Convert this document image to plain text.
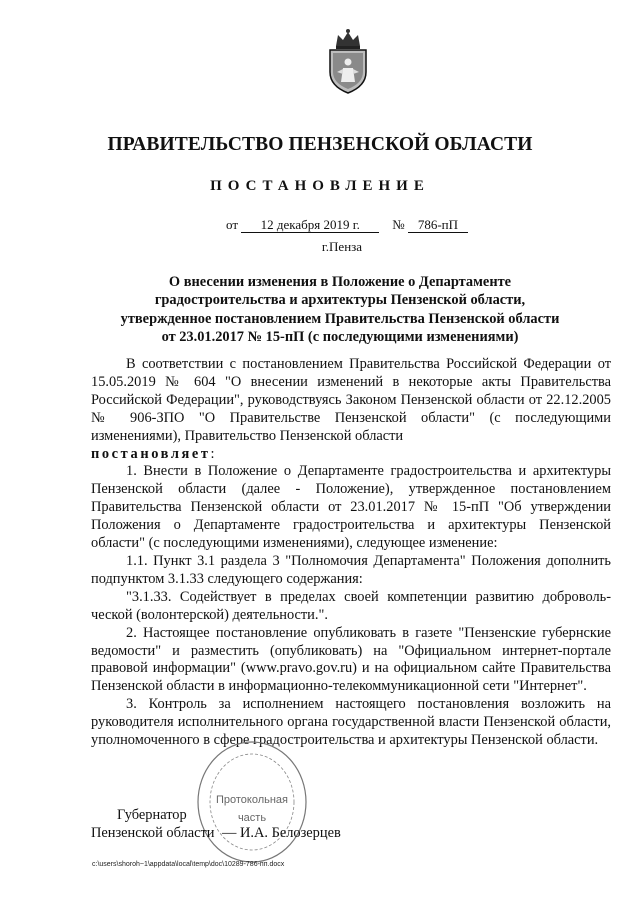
ПРАВИТЕЛЬСТВО ПЕНЗЕНСКОЙ ОБЛАСТИ
ПОСТАНОВЛЕНИЕ
от 12 декабря 2019 г. № 786-пП
г.Пенза
О внесении изменения в Положение о Департаменте
градостроительства и архитектуры Пензенской области,
утвержденное постановлением Правительства Пензенской области
от 23.01.2017 № 15-пП (с последующими изменениями)

В соответствии с постановлением Правительства Российской Федерации от 15.05.2019 № 604 "О внесении изменений в некоторые акты Правительства Российской Федерации", руководствуясь Законом Пензенской области от 22.12.2005 № 906-ЗПО "О Правительстве Пензенской области" (с последующими изменениями), Правительство Пензенской области

постановляет:

1. Внести в Положение о Департаменте градостроительства и архитектуры Пензенской области (далее - Положение), утвержденное постановлением Правительства Пензенской области от 23.01.2017 № 15-пП "Об утверждении Положения о Департаменте градостроительства и архитектуры Пензенской области" (с последующими изменениями), следующее изменение:

1.1. Пункт 3.1 раздела 3 "Полномочия Департамента" Положения дополнить подпунктом 3.1.33 следующего содержания:

"3.1.33. Содействует в пределах своей компетенции развитию доброволь-ческой (волонтерской) деятельности.".

2. Настоящее постановление опубликовать в газете "Пензенские губернские ведомости" и разместить (опубликовать) на "Официальном интернет-портале правовой информации" (www.pravo.gov.ru) и на официальном сайте Правительства Пензенской области в информационно-телекоммуникационной сети "Интернет".

3. Контроль за исполнением настоящего постановления возложить на руководителя исполнительного органа государственной власти Пензенской области, уполномоченного в сфере градостроительства и архитектуры Пензенской области.

Протокольная
часть
Губернатор
Пензенской области — И.А. Белозерцев
c:\users\shoroh~1\appdata\local\temp\doc\10289-786-пп.docx
